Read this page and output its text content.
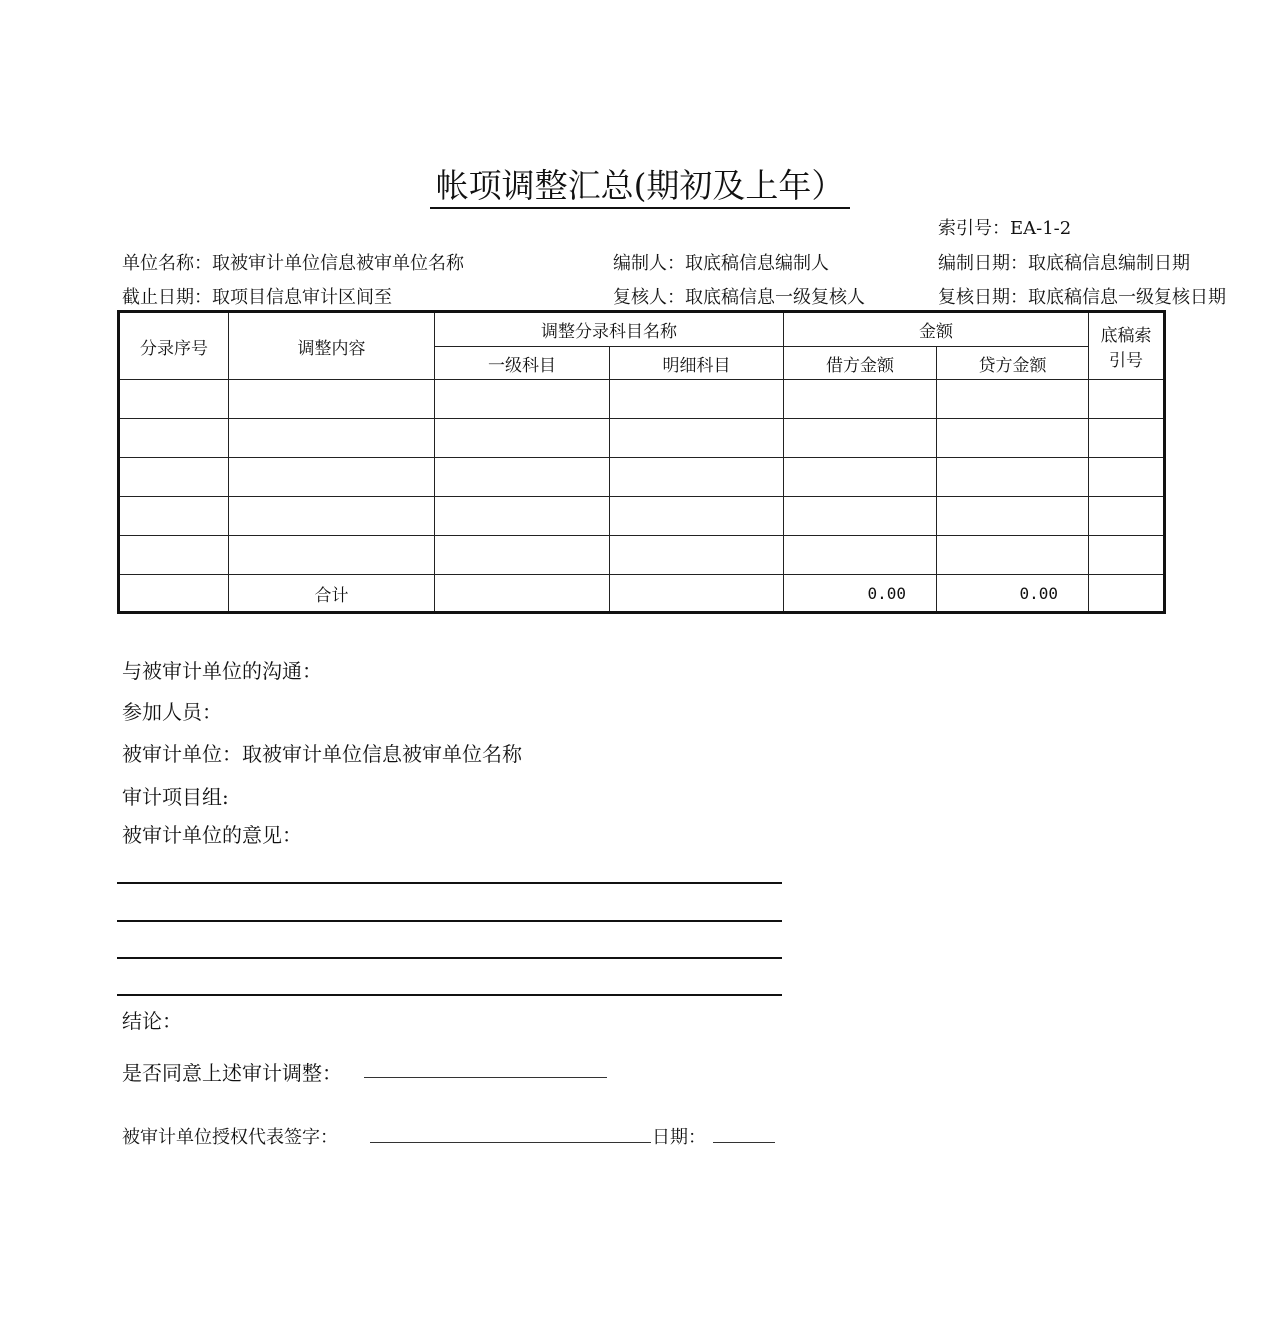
帐项调整汇总(期初及上年）
索引号：EA-1-2
单位名称：取被审计单位信息被审单位名称	编制人：取底稿信息编制人	编制日期：取底稿信息编制日期
截止日期：取项目信息审计区间至	复核人：取底稿信息一级复核人	复核日期：取底稿信息一级复核日期
分录序号	调整内容	调整分录科目名称		金额		底稿索引号
		一级科目	明细科目	借方金额	贷方金额	

	合计			0.00	0.00	
与被审计单位的沟通：
参加人员：
被审计单位：取被审计单位信息被审单位名称
审计项目组:
被审计单位的意见：
结论：
是否同意上述审计调整：
被审计单位授权代表签字：	日期：
